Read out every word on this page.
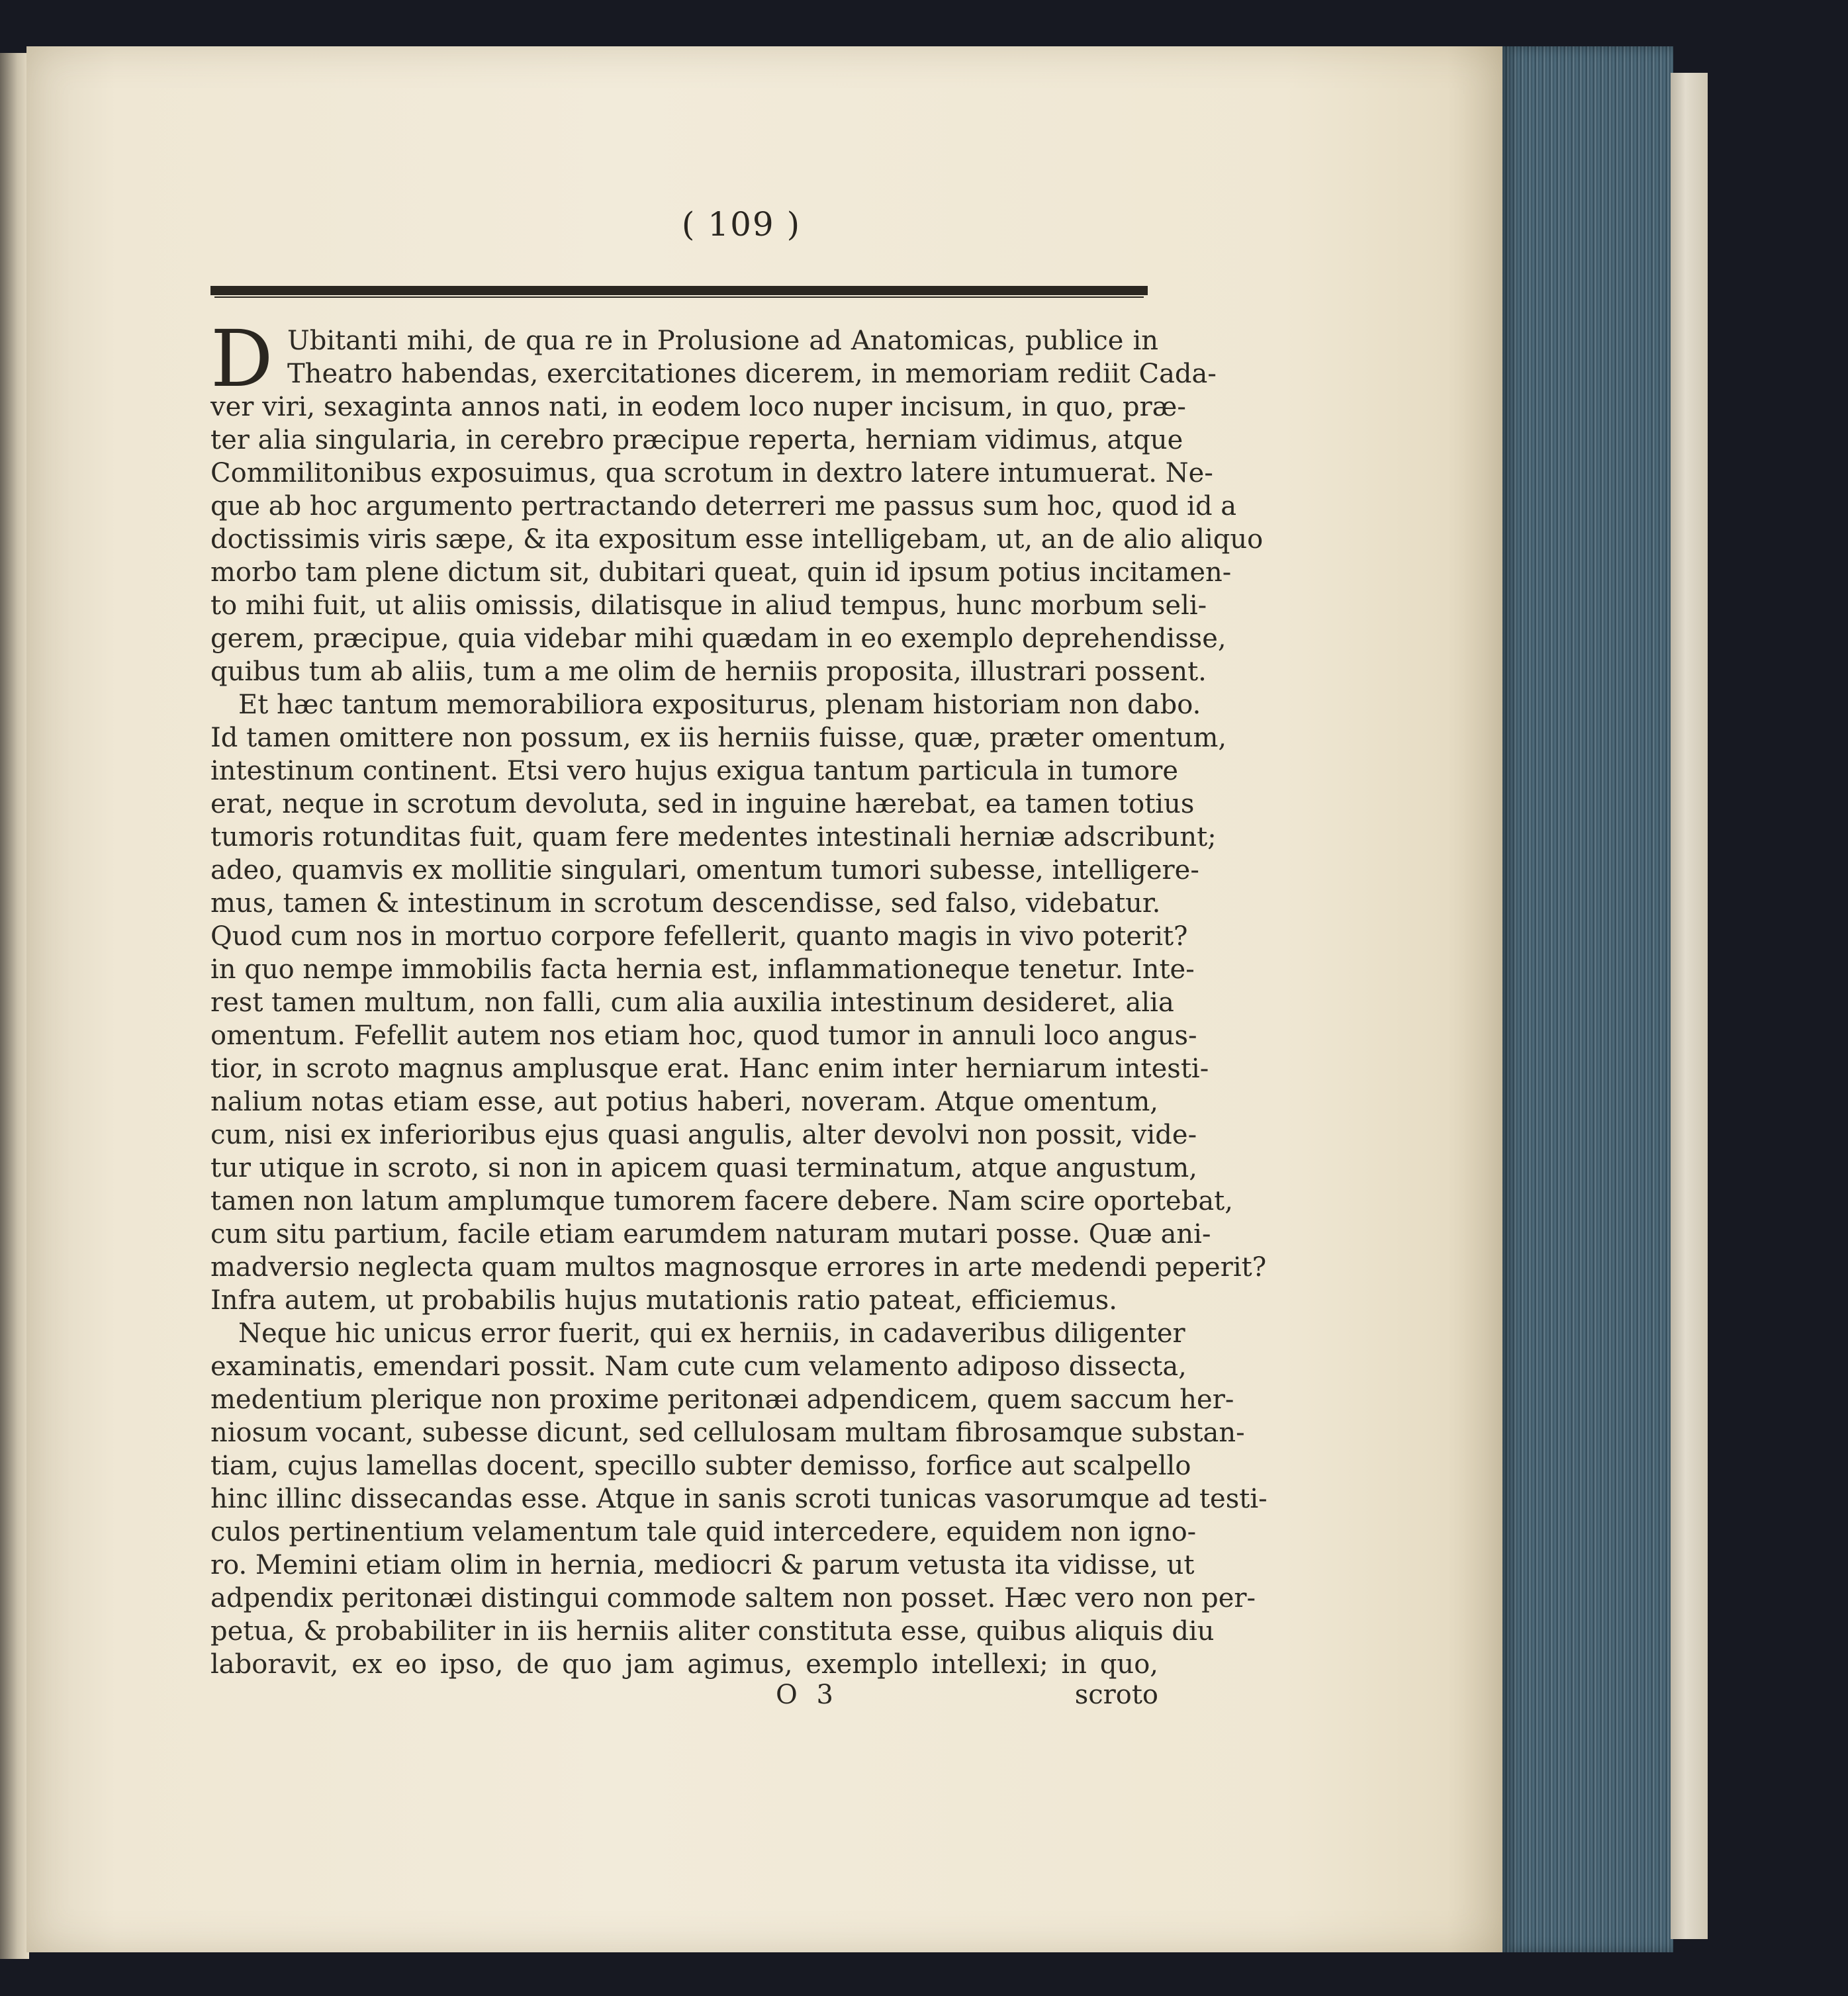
( 109 )
D Ubitanti mihi, de qua re in Prolusione ad Anatomicas, publice in
Theatro habendas, exercitationes dicerem, in memoriam rediit Cada-
ver viri, sexaginta annos nati, in eodem loco nuper incisum, in quo, præ-
ter alia singularia, in cerebro præcipue reperta, herniam vidimus, atque
Commilitonibus exposuimus, qua scrotum in dextro latere intumuerat. Ne-
que ab hoc argumento pertractando deterreri me passus sum hoc, quod id a
doctissimis viris sæpe, & ita expositum esse intelligebam, ut, an de alio aliquo
morbo tam plene dictum sit, dubitari queat, quin id ipsum potius incitamen-
to mihi fuit, ut aliis omissis, dilatisque in aliud tempus, hunc morbum seli-
gerem, præcipue, quia videbar mihi quædam in eo exemplo deprehendisse,
quibus tum ab aliis, tum a me olim de herniis proposita, illustrari possent.
Et hæc tantum memorabiliora expositurus, plenam historiam non dabo.
Id tamen omittere non possum, ex iis herniis fuisse, quæ, præter omentum,
intestinum continent. Etsi vero hujus exigua tantum particula in tumore
erat, neque in scrotum devoluta, sed in inguine hærebat, ea tamen totius
tumoris rotunditas fuit, quam fere medentes intestinali herniæ adscribunt;
adeo, quamvis ex mollitie singulari, omentum tumori subesse, intelligere-
mus, tamen & intestinum in scrotum descendisse, sed falso, videbatur.
Quod cum nos in mortuo corpore fefellerit, quanto magis in vivo poterit?
in quo nempe immobilis facta hernia est, inflammationeque tenetur. Inte-
rest tamen multum, non falli, cum alia auxilia intestinum desideret, alia
omentum. Fefellit autem nos etiam hoc, quod tumor in annuli loco angus-
tior, in scroto magnus amplusque erat. Hanc enim inter herniarum intesti-
nalium notas etiam esse, aut potius haberi, noveram. Atque omentum,
cum, nisi ex inferioribus ejus quasi angulis, alter devolvi non possit, vide-
tur utique in scroto, si non in apicem quasi terminatum, atque angustum,
tamen non latum amplumque tumorem facere debere. Nam scire oportebat,
cum situ partium, facile etiam earumdem naturam mutari posse. Quæ ani-
madversio neglecta quam multos magnosque errores in arte medendi peperit?
Infra autem, ut probabilis hujus mutationis ratio pateat, efficiemus.
Neque hic unicus error fuerit, qui ex herniis, in cadaveribus diligenter
examinatis, emendari possit. Nam cute cum velamento adiposo dissecta,
medentium plerique non proxime peritonæi adpendicem, quem saccum her-
niosum vocant, subesse dicunt, sed cellulosam multam fibrosamque substan-
tiam, cujus lamellas docent, specillo subter demisso, forfice aut scalpello
hinc illinc dissecandas esse. Atque in sanis scroti tunicas vasorumque ad testi-
culos pertinentium velamentum tale quid intercedere, equidem non igno-
ro. Memini etiam olim in hernia, mediocri & parum vetusta ita vidisse, ut
adpendix peritonæi distingui commode saltem non posset. Hæc vero non per-
petua, & probabiliter in iis herniis aliter constituta esse, quibus aliquis diu
laboravit, ex eo ipso, de quo jam agimus, exemplo intellexi; in quo,
O 3	scroto
